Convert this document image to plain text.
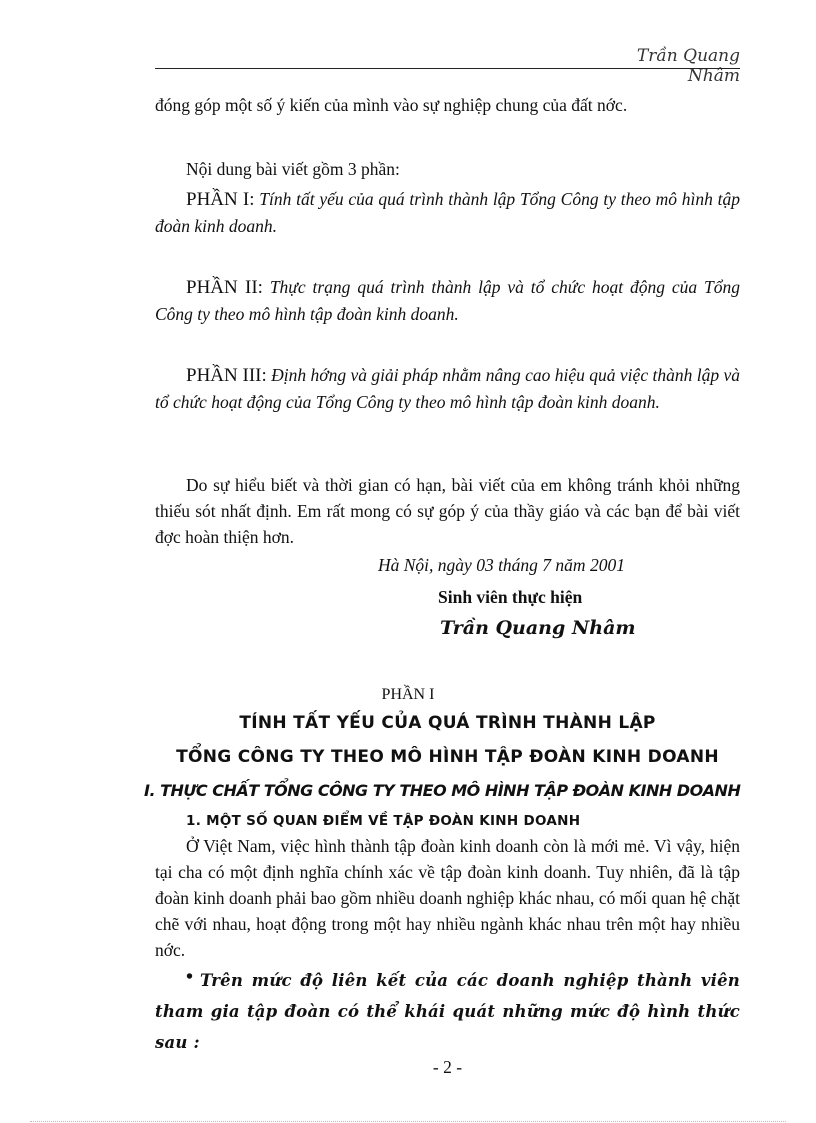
Trần Quang Nhâm
đóng góp một số ý kiến của mình vào sự nghiệp chung của đất nớc.
Nội dung bài viết gồm 3 phần:
PHẦN I: Tính tất yếu của quá trình thành lập Tổng Công ty theo mô hình tập đoàn kinh doanh.
PHẦN II: Thực trạng quá trình thành lập và tổ chức hoạt động của Tổng Công ty theo mô hình tập đoàn kinh doanh.
PHẦN III: Định hớng và giải pháp nhằm nâng cao hiệu quả việc thành lập và tổ chức hoạt động của Tổng Công ty theo mô hình tập đoàn kinh doanh.
Do sự hiểu biết và thời gian có hạn, bài viết của em không tránh khỏi những thiếu sót nhất định. Em rất mong có sự góp ý của thầy giáo và các bạn để bài viết đợc hoàn thiện hơn.
Hà Nội, ngày 03 tháng 7 năm 2001
Sinh viên thực hiện
Trần Quang Nhâm
PHẦN I
TÍNH TẤT YẾU CỦA QUÁ TRÌNH THÀNH LẬP
TỔNG CÔNG TY THEO MÔ HÌNH TẬP ĐOÀN KINH DOANH
I. THỰC CHẤT TỔNG CÔNG TY THEO MÔ HÌNH TẬP ĐOÀN KINH DOANH
1. MỘT SỐ QUAN ĐIỂM VỀ TẬP ĐOÀN KINH DOANH
Ở Việt Nam, việc hình thành tập đoàn kinh doanh còn là mới mẻ. Vì vậy, hiện tại cha có một định nghĩa chính xác về tập đoàn kinh doanh. Tuy nhiên, đã là tập đoàn kinh doanh phải bao gồm nhiều doanh nghiệp khác nhau, có mối quan hệ chặt chẽ với nhau, hoạt động trong một hay nhiều ngành khác nhau trên một hay nhiều nớc.
• Trên mức độ liên kết của các doanh nghiệp thành viên tham gia tập đoàn có thể khái quát những mức độ hình thức sau :
- 2 -
